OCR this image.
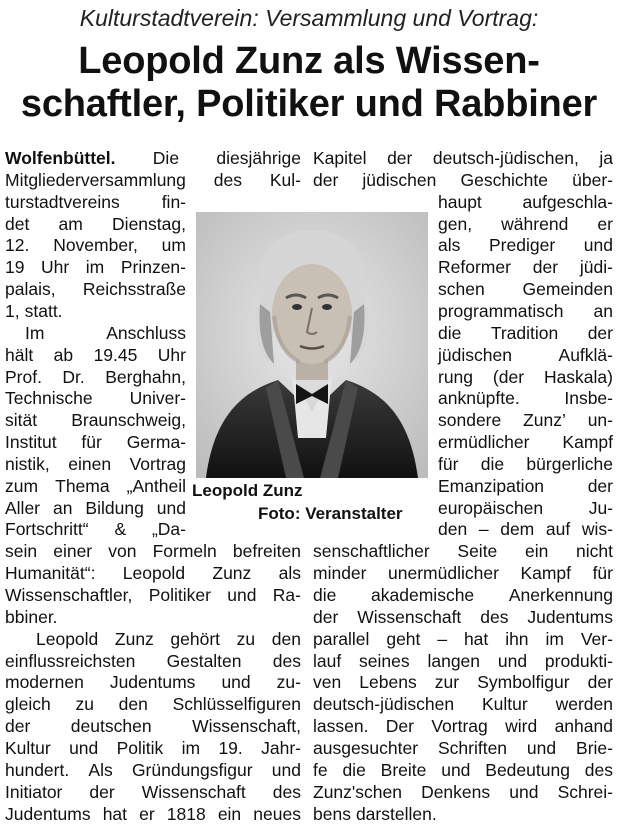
Kulturstadtverein: Versammlung und Vortrag:
Leopold Zunz als Wissen-
schaftler, Politiker und Rabbiner
Wolfenbüttel. Die diesjährige
Mitgliederversammlung des Kul-
turstadtvereins fin-
det am Dienstag,
12. November, um
19 Uhr im Prinzen-
palais, Reichsstraße
1, statt.
Im	Anschluss
hält ab 19.45 Uhr
Prof. Dr. Berghahn,
Technische Univer-
sität Braunschweig,
Institut für Germa-
nistik, einen Vortrag
zum Thema „Antheil
Aller an Bildung und
Fortschritt“ & „Da-
sein einer von Formeln befreiten
Humanität“: Leopold Zunz als
Wissenschaftler, Politiker und Ra-
bbiner.
Leopold Zunz gehört zu den
einflussreichsten Gestalten des
modernen Judentums und zu-
gleich zu den Schlüsselfiguren
der deutschen Wissenschaft,
Kultur und Politik im 19. Jahr-
hundert. Als Gründungsfigur und
Initiator der Wissenschaft des
Judentums hat er 1818 ein neues
Kapitel der deutsch-jüdischen, ja
der jüdischen Geschichte über-
haupt aufgeschla-
gen, während er
als Prediger und
Reformer der jüdi-
schen Gemeinden
programmatisch an
die Tradition der
jüdischen	Aufklä-
rung (der Haskala)
anknüpfte.	Insbe-
sondere Zunz’ un-
ermüdlicher Kampf
für die bürgerliche
Emanzipation der
europäischen	Ju-
den – dem auf wis-
senschaftlicher Seite ein nicht
minder unermüdlicher Kampf für
die akademische Anerkennung
der Wissenschaft des Judentums
parallel geht – hat ihn im Ver-
lauf seines langen und produkti-
ven Lebens zur Symbolfigur der
deutsch-jüdischen Kultur werden
lassen. Der Vortrag wird anhand
ausgesuchter Schriften und Brie-
fe die Breite und Bedeutung des
Zunz'schen Denkens und Schrei-
bens darstellen.
Leopold Zunz
Foto: Veranstalter
